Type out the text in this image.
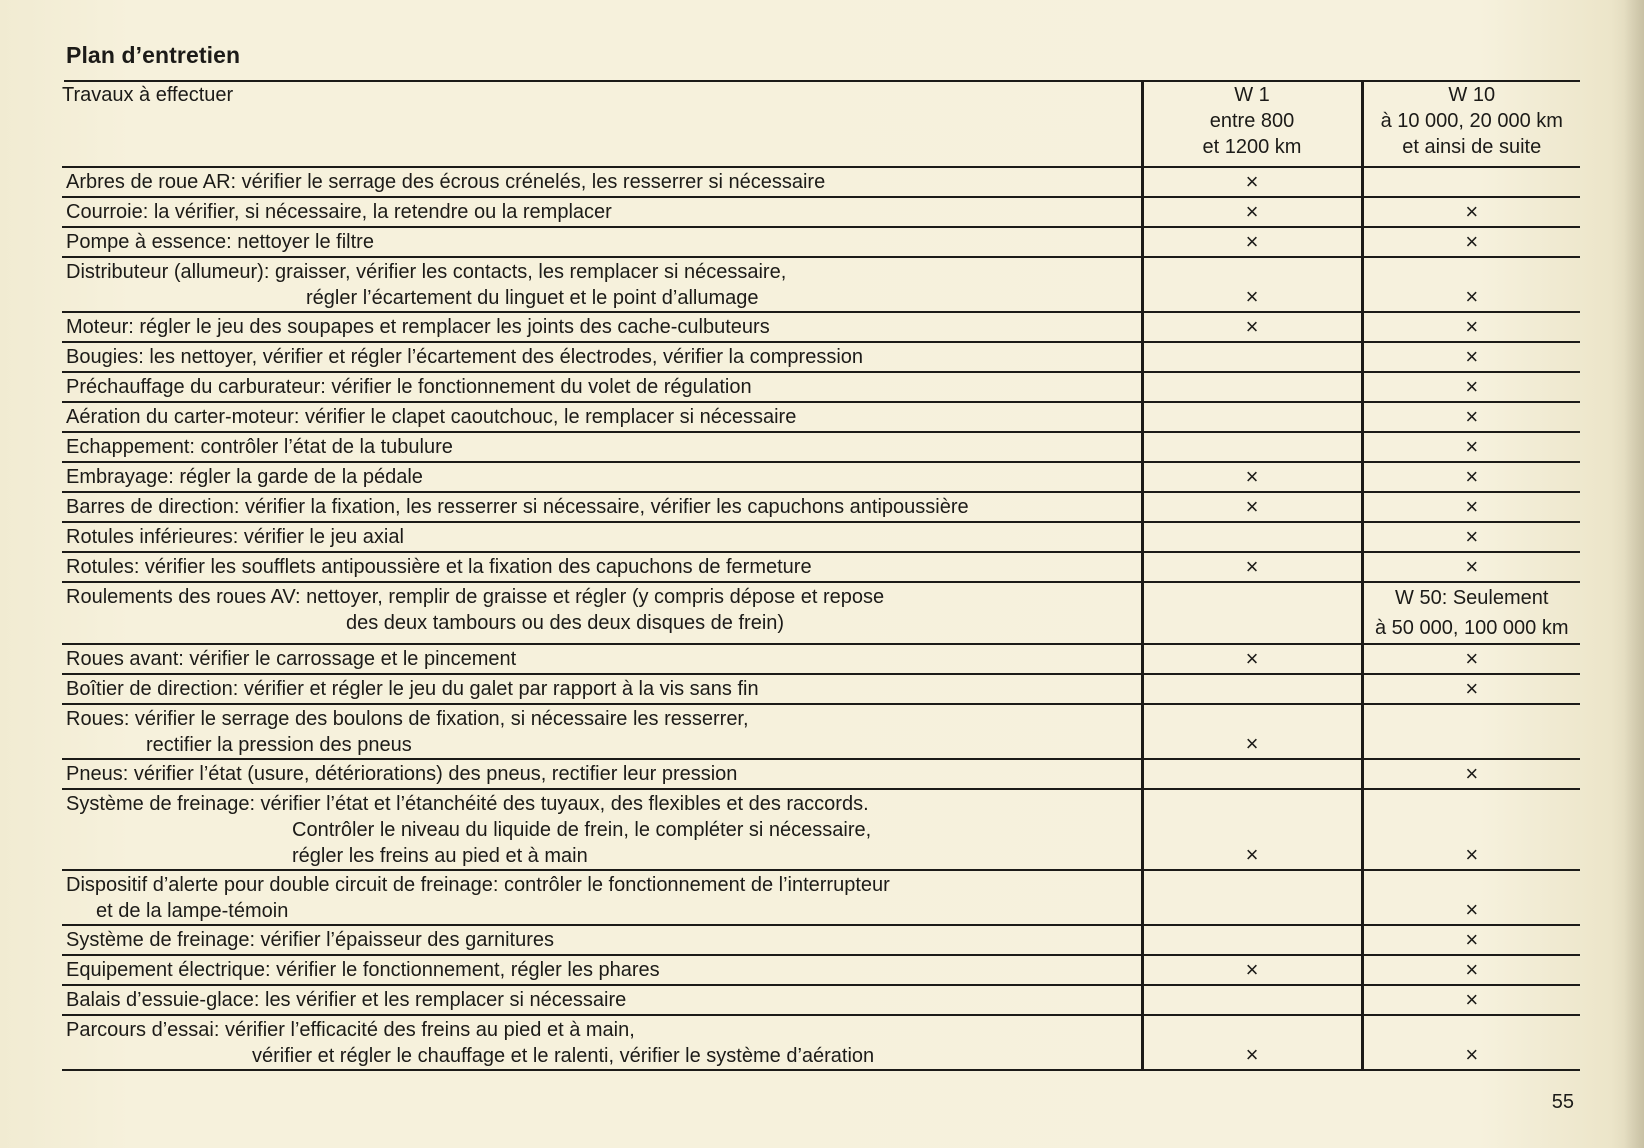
Plan d’entretien
Travaux à effectuer	W 1
entre 800
et 1200 km	W 10
à 10 000, 20 000 km
et ainsi de suite

Arbres de roue AR: vérifier le serrage des écrous crénelés, les resserrer si nécessaire	×	

Courroie: la vérifier, si nécessaire, la retendre ou la remplacer	×	×

Pompe à essence: nettoyer le filtre	×	×

Distributeur (allumeur): graisser, vérifier les contacts, les remplacer si nécessaire,
régler l’écartement du linguet et le point d’allumage	×	×

Moteur: régler le jeu des soupapes et remplacer les joints des cache-culbuteurs	×	×

Bougies: les nettoyer, vérifier et régler l’écartement des électrodes, vérifier la compression		×

Préchauffage du carburateur: vérifier le fonctionnement du volet de régulation		×

Aération du carter-moteur: vérifier le clapet caoutchouc, le remplacer si nécessaire		×

Echappement: contrôler l’état de la tubulure		×

Embrayage: régler la garde de la pédale	×	×

Barres de direction: vérifier la fixation, les resserrer si nécessaire, vérifier les capuchons antipoussière	×	×

Rotules inférieures: vérifier le jeu axial		×

Rotules: vérifier les soufflets antipoussière et la fixation des capuchons de fermeture	×	×

Roulements des roues AV: nettoyer, remplir de graisse et régler (y compris dépose et repose
des deux tambours ou des deux disques de frein)		W 50: Seulement
à 50 000, 100 000 km

Roues avant: vérifier le carrossage et le pincement	×	×

Boîtier de direction: vérifier et régler le jeu du galet par rapport à la vis sans fin		×

Roues: vérifier le serrage des boulons de fixation, si nécessaire les resserrer,
rectifier la pression des pneus	×	

Pneus: vérifier l’état (usure, détériorations) des pneus, rectifier leur pression		×

Système de freinage: vérifier l’état et l’étanchéité des tuyaux, des flexibles et des raccords.
Contrôler le niveau du liquide de frein, le compléter si nécessaire,
régler les freins au pied et à main	×	×

Dispositif d’alerte pour double circuit de freinage: contrôler le fonctionnement de l’interrupteur
et de la lampe-témoin		×

Système de freinage: vérifier l’épaisseur des garnitures		×

Equipement électrique: vérifier le fonctionnement, régler les phares	×	×

Balais d’essuie-glace: les vérifier et les remplacer si nécessaire		×

Parcours d’essai: vérifier l’efficacité des freins au pied et à main,
vérifier et régler le chauffage et le ralenti, vérifier le système d’aération	×	×
55
